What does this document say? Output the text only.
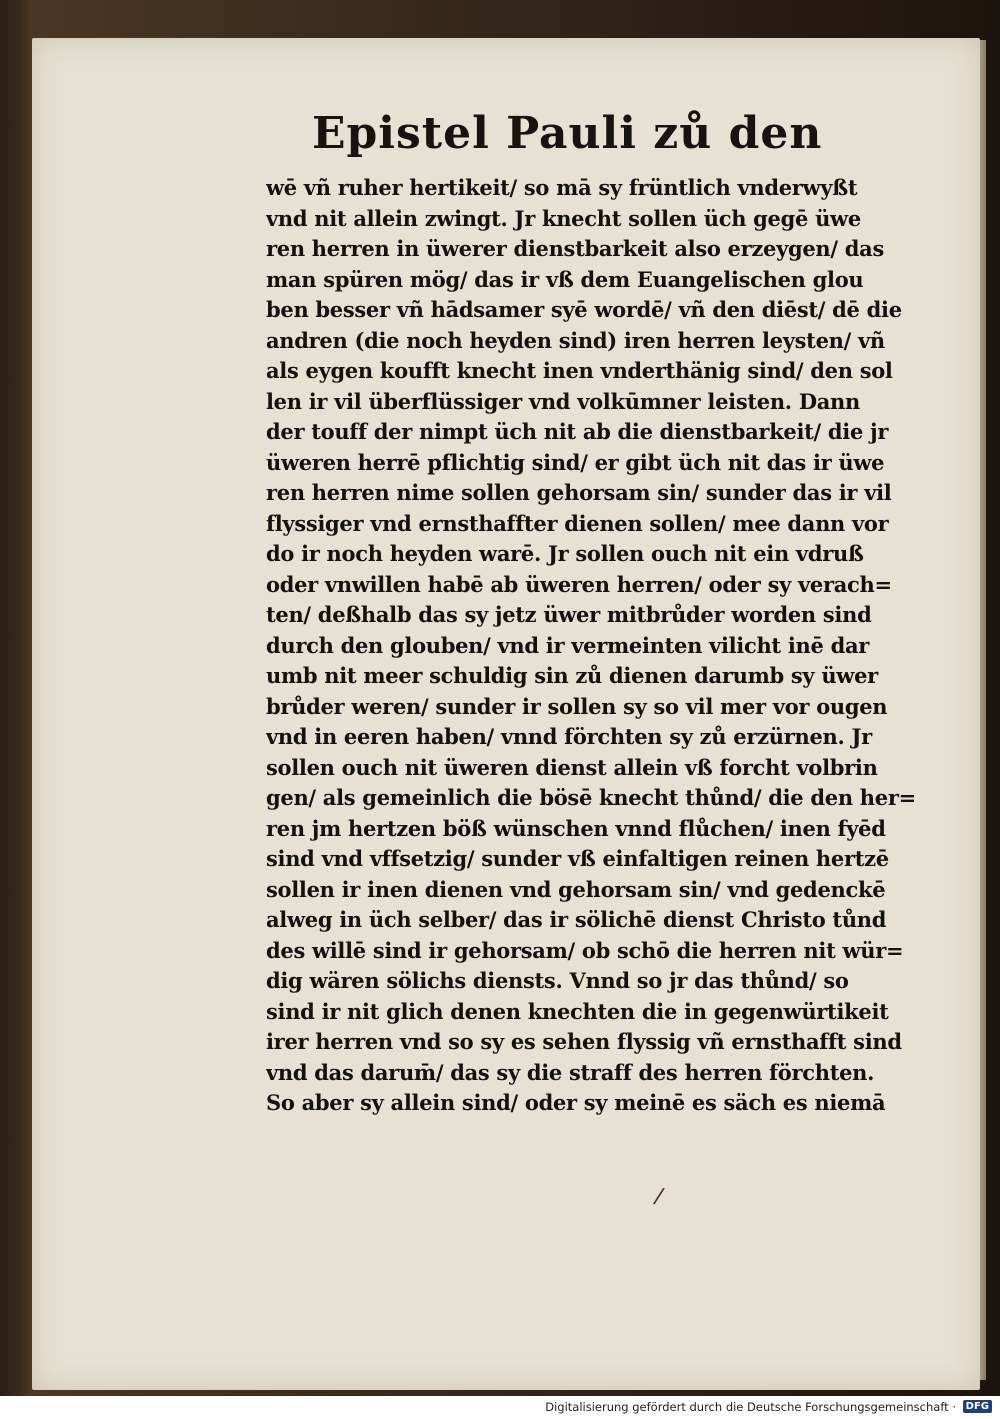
Epistel Pauli zů den
wē vñ ruher hertikeit/ so mā sy früntlich vnderwyßt
vnd nit allein zwingt. Jr knecht sollen üch gegē üwe
ren herren in üwerer dienstbarkeit also erzeygen/ das
man spüren mög/ das ir vß dem Euangelischen glou
ben besser vñ hādsamer syē wordē/ vñ den diēst/ dē die
andren (die noch heyden sind) iren herren leysten/ vñ
als eygen koufft knecht inen vnderthänig sind/ den sol
len ir vil überflüssiger vnd volkūmner leisten. Dann
der touff der nimpt üch nit ab die dienstbarkeit/ die jr
üweren herrē pflichtig sind/ er gibt üch nit das ir üwe
ren herren nime sollen gehorsam sin/ sunder das ir vil
flyssiger vnd ernsthaffter dienen sollen/ mee dann vor
do ir noch heyden warē. Jr sollen ouch nit ein vdruß
oder vnwillen habē ab üweren herren/ oder sy verach=
ten/ deßhalb das sy jetz üwer mitbrůder worden sind
durch den glouben/ vnd ir vermeinten vilicht inē dar
umb nit meer schuldig sin zů dienen darumb sy üwer
brůder weren/ sunder ir sollen sy so vil mer vor ougen
vnd in eeren haben/ vnnd förchten sy zů erzürnen. Jr
sollen ouch nit üweren dienst allein vß forcht volbrin
gen/ als gemeinlich die bösē knecht thůnd/ die den her=
ren jm hertzen böß wünschen vnnd flůchen/ inen fyēd
sind vnd vffsetzig/ sunder vß einfaltigen reinen hertzē
sollen ir inen dienen vnd gehorsam sin/ vnd gedenckē
alweg in üch selber/ das ir sölichē dienst Christo tůnd
des willē sind ir gehorsam/ ob schō die herren nit wür=
dig wären sölichs diensts. Vnnd so jr das thůnd/ so
sind ir nit glich denen knechten die in gegenwürtikeit
irer herren vnd so sy es sehen flyssig vñ ernsthafft sind
vnd das darum̄/ das sy die straff des herren förchten.
So aber sy allein sind/ oder sy meinē es säch es niemā
/
Digitalisierung gefördert durch die Deutsche Forschungsgemeinschaft · DFG
